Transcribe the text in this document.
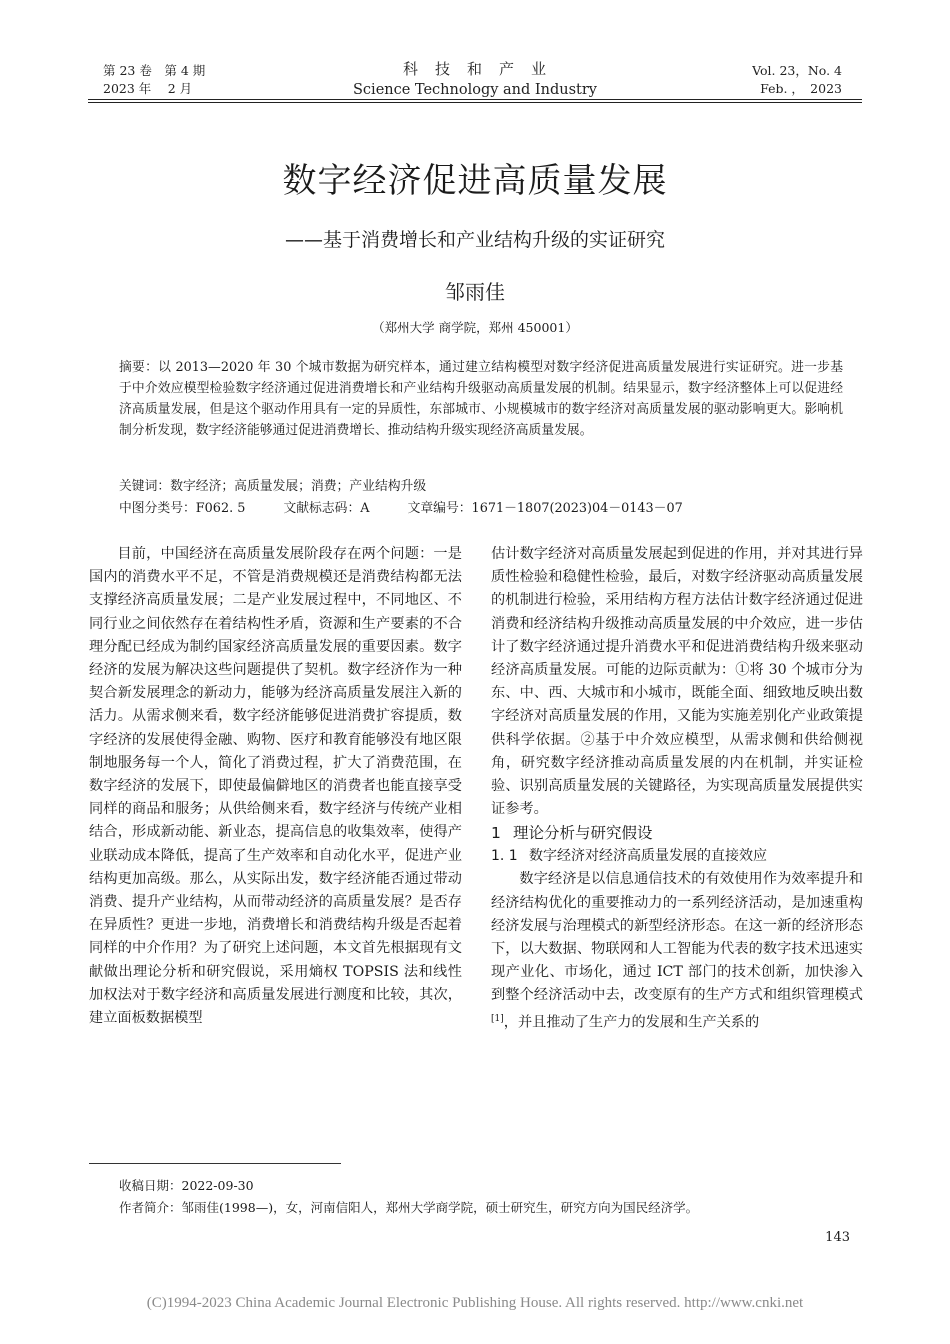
第 23 卷　第 4 期
2023 年　 2 月
科　技　和　产　业
Science Technology and Industry
Vol. 23，No. 4
Feb. ，　2023
数字经济促进高质量发展
——基于消费增长和产业结构升级的实证研究
邹雨佳
（郑州大学 商学院，郑州 450001）
摘要：以 2013—2020 年 30 个城市数据为研究样本，通过建立结构模型对数字经济促进高质量发展进行实证研究。进一步基于中介效应模型检验数字经济通过促进消费增长和产业结构升级驱动高质量发展的机制。结果显示，数字经济整体上可以促进经济高质量发展，但是这个驱动作用具有一定的异质性，东部城市、小规模城市的数字经济对高质量发展的驱动影响更大。影响机制分析发现，数字经济能够通过促进消费增长、推动结构升级实现经济高质量发展。
关键词：数字经济；高质量发展；消费；产业结构升级
中图分类号：F062. 5	文献标志码：A	文章编号：1671－1807(2023)04－0143－07

目前，中国经济在高质量发展阶段存在两个问题：一是国内的消费水平不足，不管是消费规模还是消费结构都无法支撑经济高质量发展；二是产业发展过程中，不同地区、不同行业之间依然存在着结构性矛盾，资源和生产要素的不合理分配已经成为制约国家经济高质量发展的重要因素。数字经济的发展为解决这些问题提供了契机。数字经济作为一种契合新发展理念的新动力，能够为经济高质量发展注入新的活力。从需求侧来看，数字经济能够促进消费扩容提质，数字经济的发展使得金融、购物、医疗和教育能够没有地区限制地服务每一个人，简化了消费过程，扩大了消费范围，在数字经济的发展下，即使最偏僻地区的消费者也能直接享受同样的商品和服务；从供给侧来看，数字经济与传统产业相结合，形成新动能、新业态，提高信息的收集效率，使得产业联动成本降低，提高了生产效率和自动化水平，促进产业结构更加高级。那么，从实际出发，数字经济能否通过带动消费、提升产业结构，从而带动经济的高质量发展？是否存在异质性？更进一步地，消费增长和消费结构升级是否起着同样的中介作用？为了研究上述问题，本文首先根据现有文献做出理论分析和研究假说，采用熵权 TOPSIS 法和线性加权法对于数字经济和高质量发展进行测度和比较，其次，建立面板数据模型

估计数字经济对高质量发展起到促进的作用，并对其进行异质性检验和稳健性检验，最后，对数字经济驱动高质量发展的机制进行检验，采用结构方程方法估计数字经济通过促进消费和经济结构升级推动高质量发展的中介效应，进一步估计了数字经济通过提升消费水平和促进消费结构升级来驱动经济高质量发展。可能的边际贡献为：①将 30 个城市分为东、中、西、大城市和小城市，既能全面、细致地反映出数字经济对高质量发展的作用，又能为实施差别化产业政策提供科学依据。②基于中介效应模型，从需求侧和供给侧视角，研究数字经济推动高质量发展的内在机制，并实证检验、识别高质量发展的关键路径，为实现高质量发展提供实证参考。

1 理论分析与研究假设

1. 1 数字经济对经济高质量发展的直接效应

数字经济是以信息通信技术的有效使用作为效率提升和经济结构优化的重要推动力的一系列经济活动，是加速重构经济发展与治理模式的新型经济形态。在这一新的经济形态下，以大数据、物联网和人工智能为代表的数字技术迅速实现产业化、市场化，通过 ICT 部门的技术创新，加快渗入到整个经济活动中去，改变原有的生产方式和组织管理模式[1]，并且推动了生产力的发展和生产关系的

收稿日期：2022-09-30
作者简介：邹雨佳(1998—)，女，河南信阳人，郑州大学商学院，硕士研究生，研究方向为国民经济学。
143
(C)1994-2023 China Academic Journal Electronic Publishing House. All rights reserved. http://www.cnki.net
